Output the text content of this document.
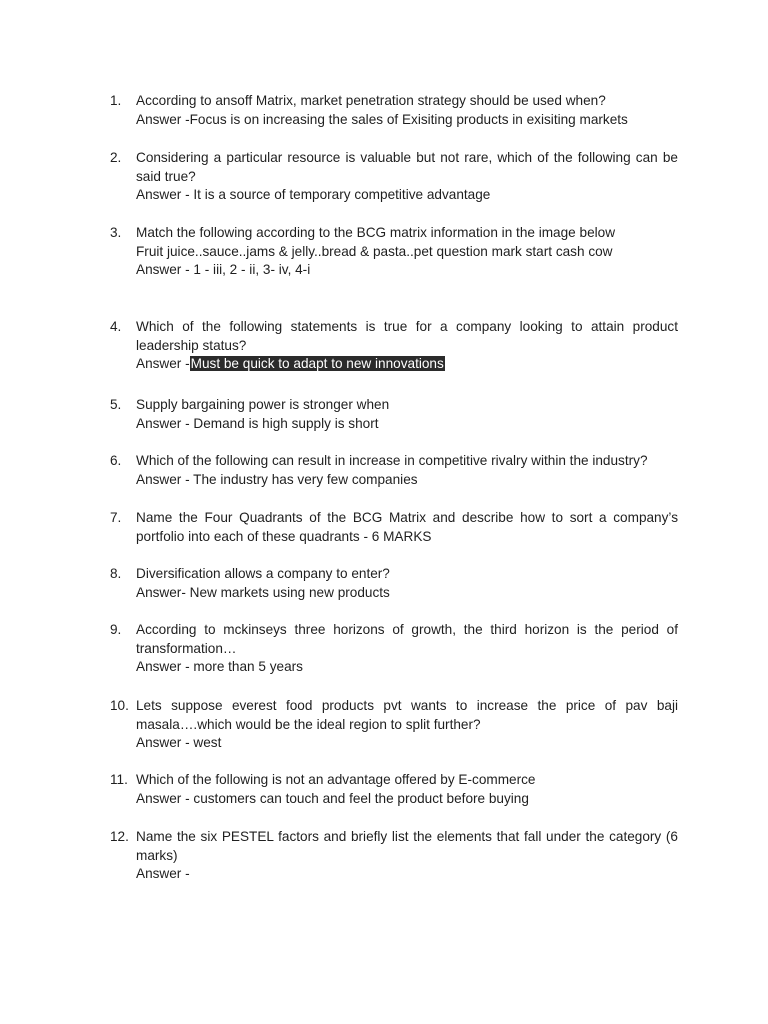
1.	According to ansoff Matrix, market penetration strategy should be used when?
Answer -Focus is on increasing the sales of Exisiting products in exisiting markets
2.	Considering a particular resource is valuable but not rare, which of the following can be said true?
Answer - It is a source of temporary competitive advantage
3.	Match the following according to the BCG matrix information in the image below
Fruit juice..sauce..jams & jelly..bread & pasta..pet question mark start cash cow
Answer - 1 - iii, 2 - ii, 3- iv, 4-i
4.	Which of the following statements is true for a company looking to attain product leadership status?
Answer -Must be quick to adapt to new innovations
5.	Supply bargaining power is stronger when
Answer - Demand is high supply is short
6.	Which of the following can result in increase in competitive rivalry within the industry?
Answer - The industry has very few companies
7.	Name the Four Quadrants of the BCG Matrix and describe how to sort a company’s portfolio into each of these quadrants - 6 MARKS
8.	Diversification allows a company to enter?
Answer- New markets using new products
9.	According to mckinseys three horizons of growth, the third horizon is the period of transformation…
Answer - more than 5 years
10. Lets suppose everest food products pvt wants to increase the price of pav baji masala….which would be the ideal region to split further?
Answer - west
11. Which of the following is not an advantage offered by E-commerce
Answer - customers can touch and feel the product before buying
12. Name the six PESTEL factors and briefly list the elements that fall under the category (6 marks)
Answer -
